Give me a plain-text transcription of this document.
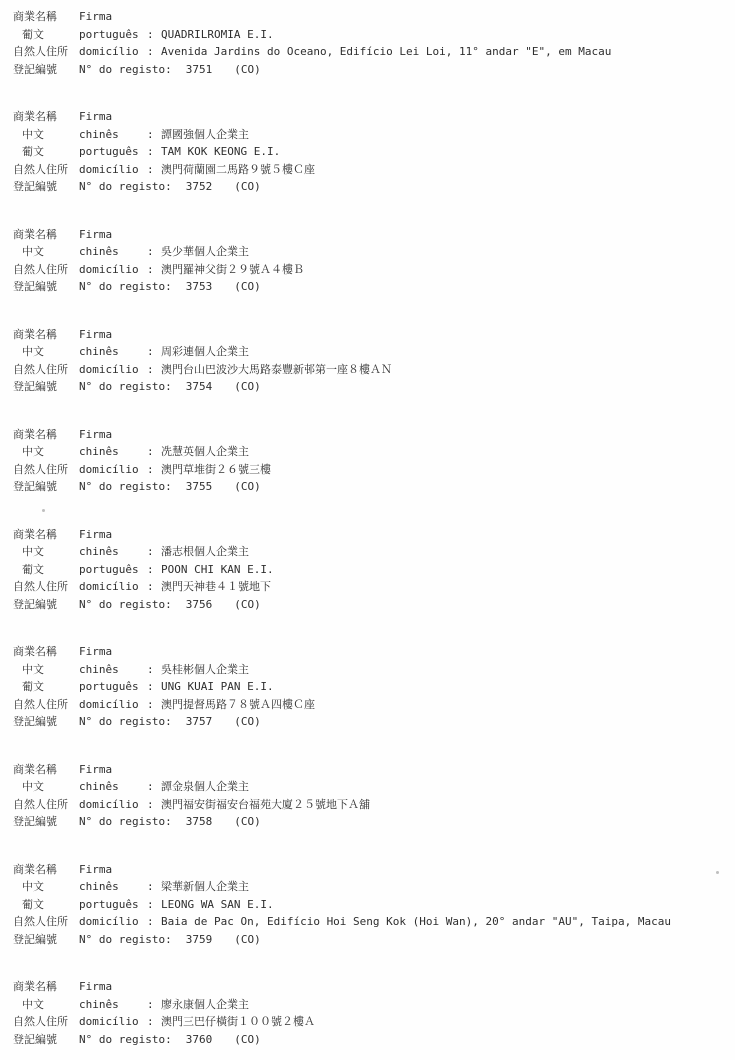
商業名稱	Firma
葡文	português : QUADRILROMIA E.I.
自然人住所	domicílio : Avenida Jardins do Oceano, Edifício Lei Loi, 11° andar "E", em Macau
登記編號	N° do registo: 3751 (CO)
商業名稱	Firma
中文	chinês	: 譚國強個人企業主
葡文	português : TAM KOK KEONG E.I.
自然人住所	domicílio : 澳門荷蘭園二馬路９號５樓Ｃ座
登記編號	N° do registo: 3752 (CO)
商業名稱	Firma
中文	chinês	: 吳少華個人企業主
自然人住所	domicílio : 澳門羅神父街２９號Ａ４樓Ｂ
登記編號	N° do registo: 3753 (CO)
商業名稱	Firma
中文	chinês	: 周彩連個人企業主
自然人住所	domicílio : 澳門台山巴波沙大馬路泰豐新邨第一座８樓ＡＮ
登記編號	N° do registo: 3754 (CO)
商業名稱	Firma
中文	chinês	: 冼慧英個人企業主
自然人住所	domicílio : 澳門草堆街２６號三樓
登記編號	N° do registo: 3755 (CO)
商業名稱	Firma
中文	chinês	: 潘志根個人企業主
葡文	português : POON CHI KAN E.I.
自然人住所	domicílio : 澳門天神巷４１號地下
登記編號	N° do registo: 3756 (CO)
商業名稱	Firma
中文	chinês	: 吳桂彬個人企業主
葡文	português : UNG KUAI PAN E.I.
自然人住所	domicílio : 澳門提督馬路７８號Ａ四樓Ｃ座
登記編號	N° do registo: 3757 (CO)
商業名稱	Firma
中文	chinês	: 譚金泉個人企業主
自然人住所	domicílio : 澳門福安街福安台福苑大廈２５號地下Ａ舖
登記編號	N° do registo: 3758 (CO)
商業名稱	Firma
中文	chinês	: 梁華新個人企業主
葡文	português : LEONG WA SAN E.I.
自然人住所	domicílio : Baia de Pac On, Edifício Hoi Seng Kok (Hoi Wan), 20° andar "AU", Taipa, Macau
登記編號	N° do registo: 3759 (CO)
商業名稱	Firma
中文	chinês	: 廖永康個人企業主
自然人住所	domicílio : 澳門三巴仔橫街１００號２樓Ａ
登記編號	N° do registo: 3760 (CO)
